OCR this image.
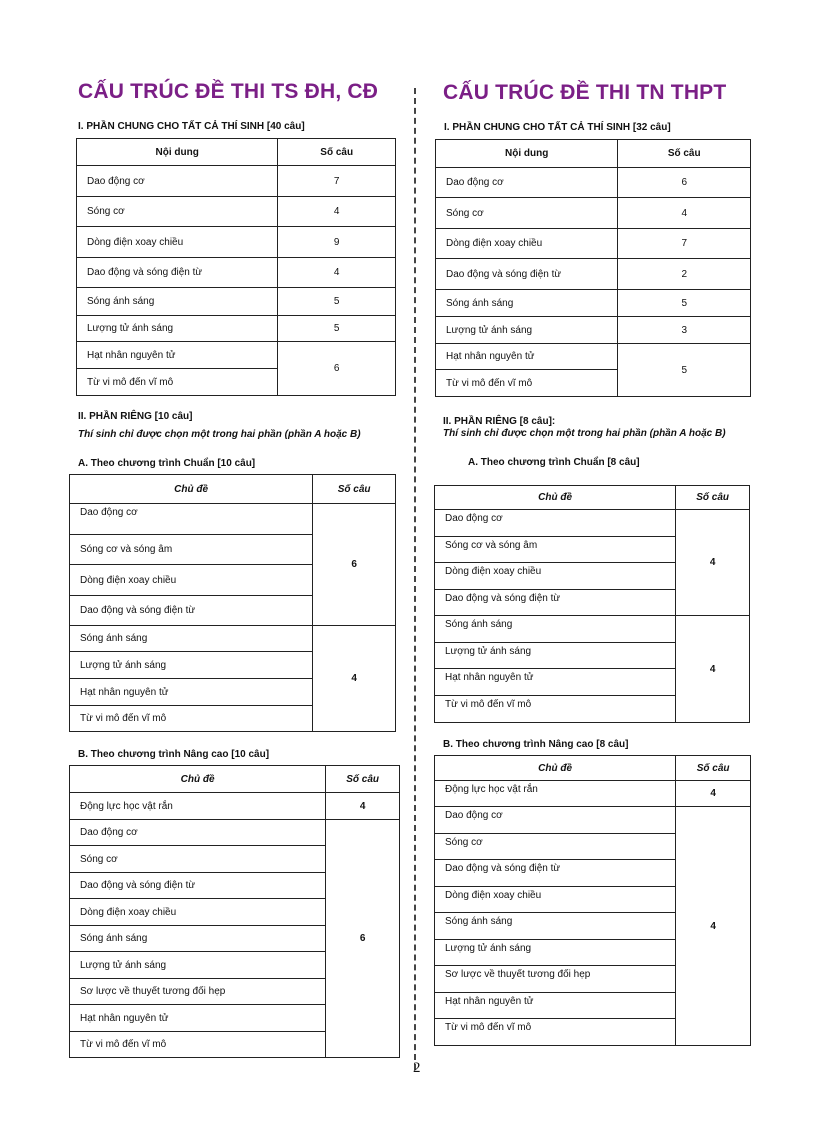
CẤU TRÚC ĐỀ THI TS ĐH, CĐ

I. PHẦN CHUNG CHO TẤT CẢ THÍ SINH [40 câu]

Nội dung	Số câu
Dao động cơ	7
Sóng cơ	4
Dòng điện xoay chiều	9
Dao động và sóng điện từ	4
Sóng ánh sáng	5
Lượng tử ánh sáng	5
Hạt nhân nguyên tử	6
Từ vi mô đến vĩ mô	

II. PHẦN RIÊNG [10 câu]

Thí sinh chỉ được chọn một trong hai phần (phần A hoặc B)

A. Theo chương trình Chuẩn [10 câu]

Chủ đề	Số câu
Dao động cơ	6
Sóng cơ và sóng âm	
Dòng điện xoay chiều	
Dao động và sóng điện từ	
Sóng ánh sáng	4
Lượng tử ánh sáng	
Hạt nhân nguyên tử	
Từ vi mô đến vĩ mô	

B. Theo chương trình Nâng cao [10 câu]

Chủ đề	Số câu
Động lực học vật rắn	4
Dao động cơ	6
Sóng cơ	
Dao động và sóng điện từ	
Dòng điện xoay chiều	
Sóng ánh sáng	
Lượng tử ánh sáng	
Sơ lược về thuyết tương đối hẹp	
Hạt nhân nguyên tử	
Từ vi mô đến vĩ mô	
CẤU TRÚC ĐỀ THI TN THPT

I. PHẦN CHUNG CHO TẤT CẢ THÍ SINH [32 câu]

Nội dung	Số câu
Dao động cơ	6
Sóng cơ	4
Dòng điện xoay chiều	7
Dao động và sóng điện từ	2
Sóng ánh sáng	5
Lượng tử ánh sáng	3
Hạt nhân nguyên tử	5
Từ vi mô đến vĩ mô	

II. PHẦN RIÊNG [8 câu]:

Thí sinh chỉ được chọn một trong hai phần (phần A hoặc B)

A. Theo chương trình Chuẩn [8 câu]

Chủ đề	Số câu
Dao động cơ	4
Sóng cơ và sóng âm	
Dòng điện xoay chiều	
Dao động và sóng điện từ	
Sóng ánh sáng	4
Lượng tử ánh sáng	
Hạt nhân nguyên tử	
Từ vi mô đến vĩ mô	

B. Theo chương trình Nâng cao [8 câu]

Chủ đề	Số câu
Động lực học vật rắn	4
Dao động cơ	4
Sóng cơ	
Dao động và sóng điện từ	
Dòng điện xoay chiều	
Sóng ánh sáng	
Lượng tử ánh sáng	
Sơ lược về thuyết tương đối hẹp	
Hạt nhân nguyên tử	
Từ vi mô đến vĩ mô	
2
